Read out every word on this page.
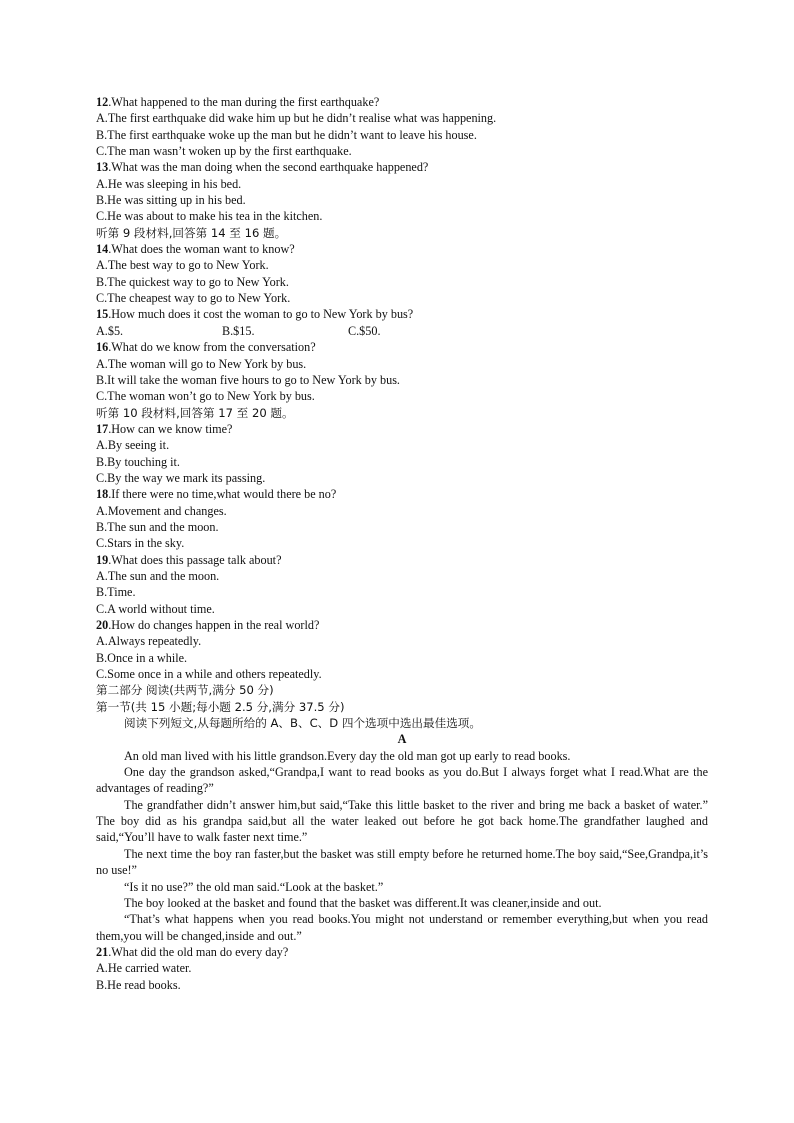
12.What happened to the man during the first earthquake?
A.The first earthquake did wake him up but he didn’t realise what was happening.
B.The first earthquake woke up the man but he didn’t want to leave his house.
C.The man wasn’t woken up by the first earthquake.
13.What was the man doing when the second earthquake happened?
A.He was sleeping in his bed.
B.He was sitting up in his bed.
C.He was about to make his tea in the kitchen.
听第 9 段材料,回答第 14 至 16 题。
14.What does the woman want to know?
A.The best way to go to New York.
B.The quickest way to go to New York.
C.The cheapest way to go to New York.
15.How much does it cost the woman to go to New York by bus?
A.$5.	B.$15.	C.$50.
16.What do we know from the conversation?
A.The woman will go to New York by bus.
B.It will take the woman five hours to go to New York by bus.
C.The woman won’t go to New York by bus.
听第 10 段材料,回答第 17 至 20 题。
17.How can we know time?
A.By seeing it.
B.By touching it.
C.By the way we mark its passing.
18.If there were no time,what would there be no?
A.Movement and changes.
B.The sun and the moon.
C.Stars in the sky.
19.What does this passage talk about?
A.The sun and the moon.
B.Time.
C.A world without time.
20.How do changes happen in the real world?
A.Always repeatedly.
B.Once in a while.
C.Some once in a while and others repeatedly.
第二部分 阅读(共两节,满分 50 分)
第一节(共 15 小题;每小题 2.5 分,满分 37.5 分)
阅读下列短文,从每题所给的 A、B、C、D 四个选项中选出最佳选项。
A
An old man lived with his little grandson.Every day the old man got up early to read books.
One day the grandson asked,“Grandpa,I want to read books as you do.But I always forget what I read.What are the advantages of reading?”
The grandfather didn’t answer him,but said,“Take this little basket to the river and bring me back a basket of water.” The boy did as his grandpa said,but all the water leaked out before he got back home.The grandfather laughed and said,“You’ll have to walk faster next time.”
The next time the boy ran faster,but the basket was still empty before he returned home.The boy said,“See,Grandpa,it’s no use!”
“Is it no use?” the old man said.“Look at the basket.”
The boy looked at the basket and found that the basket was different.It was cleaner,inside and out.
“That’s what happens when you read books.You might not understand or remember everything,but when you read them,you will be changed,inside and out.”
21.What did the old man do every day?
A.He carried water.
B.He read books.
